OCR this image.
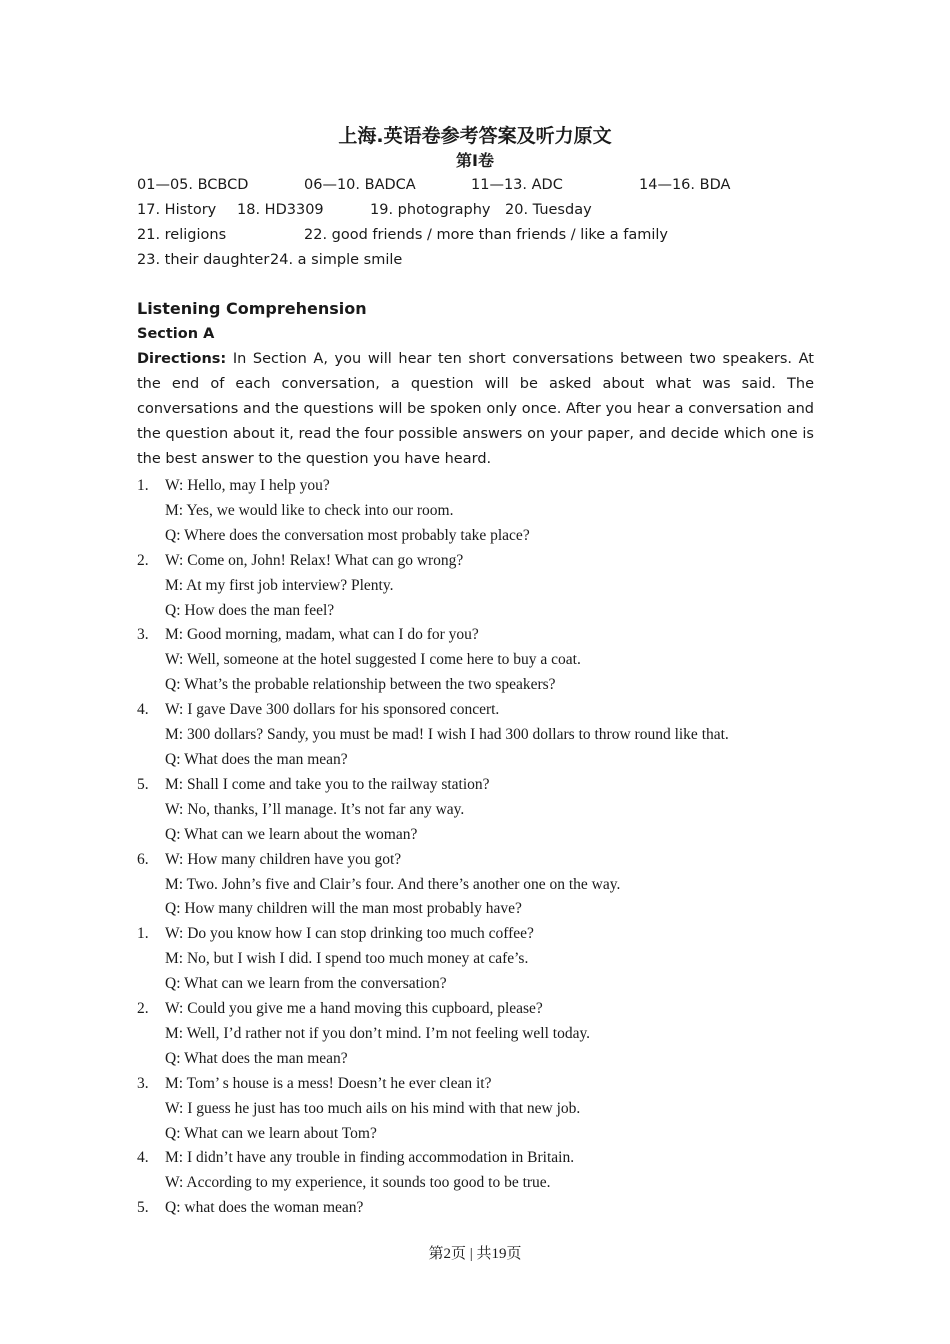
上海.英语卷参考答案及听力原文
第I卷
01—05. BCBCD	06—10. BADCA	11—13. ADC	14—16. BDA
17. History 18. HD3309	19. photography 20. Tuesday
21. religions	22. good friends / more than friends / like a family
23. their daughter 24. a simple smile
Listening Comprehension
Section A

Directions: In Section A, you will hear ten short conversations between two speakers. At the end of each conversation, a question will be asked about what was said. The conversations and the questions will be spoken only once. After you hear a conversation and the question about it, read the four possible answers on your paper, and decide which one is the best answer to the question you have heard.

1.	W: Hello, may I help you?
M: Yes, we would like to check into our room.
Q: Where does the conversation most probably take place?
2.	W: Come on, John! Relax! What can go wrong?
M: At my first job interview? Plenty.
Q: How does the man feel?
3.	M: Good morning, madam, what can I do for you?
W: Well, someone at the hotel suggested I come here to buy a coat.
Q: What’s the probable relationship between the two speakers?
4.	W: I gave Dave 300 dollars for his sponsored concert.
M: 300 dollars? Sandy, you must be mad! I wish I had 300 dollars to throw round like that.
Q: What does the man mean?
5.	M: Shall I come and take you to the railway station?
W: No, thanks, I’ll manage. It’s not far any way.
Q: What can we learn about the woman?
6.	W: How many children have you got?
M: Two. John’s five and Clair’s four. And there’s another one on the way.
Q: How many children will the man most probably have?
1.	W: Do you know how I can stop drinking too much coffee?
M: No, but I wish I did. I spend too much money at cafe’s.
Q: What can we learn from the conversation?
2.	W: Could you give me a hand moving this cupboard, please?
M: Well, I’d rather not if you don’t mind. I’m not feeling well today.
Q: What does the man mean?
3.	M: Tom’ s house is a mess! Doesn’t he ever clean it?
W: I guess he just has too much ails on his mind with that new job.
Q: What can we learn about Tom?
4.	M: I didn’t have any trouble in finding accommodation in Britain.
W: According to my experience, it sounds too good to be true.
5.	Q: what does the woman mean?
第2页 | 共19页
